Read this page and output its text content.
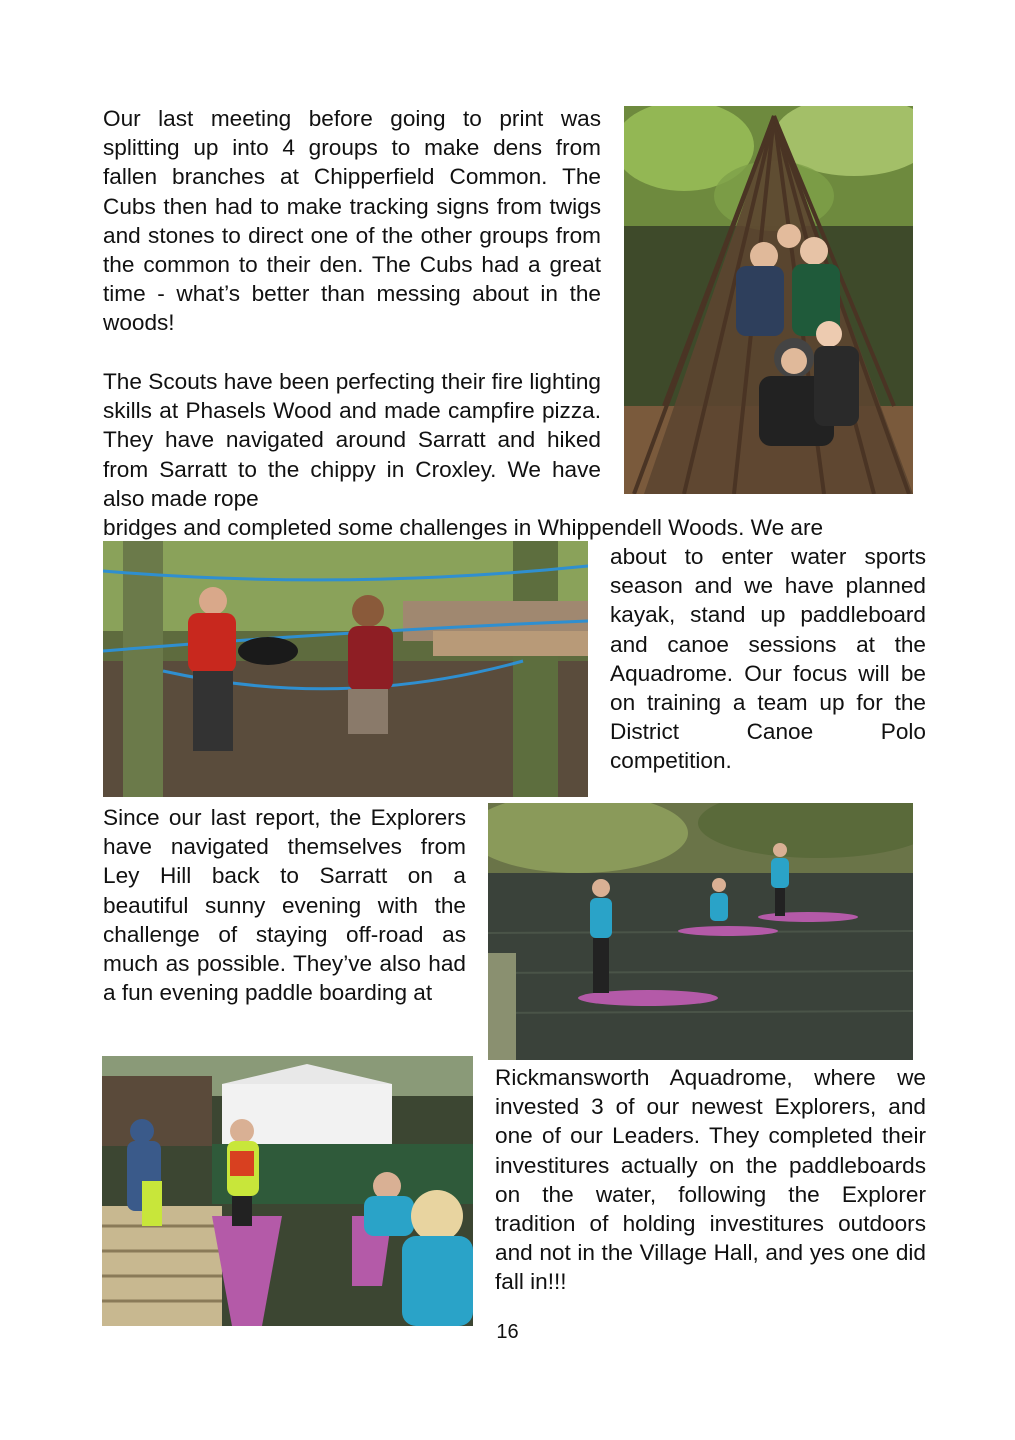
Our last meeting before going to print was splitting up into 4 groups to make dens from fallen branches at Chipperfield Common. The Cubs then had to make tracking signs from twigs and stones to direct one of the other groups from the common to their den. The Cubs had a great time - what’s better than messing about in the woods!

The Scouts have been perfecting their fire lighting skills at Phasels Wood and made campfire pizza. They have navigated around Sarratt and hiked from Sarratt to the chippy in Croxley. We have also made rope

bridges and completed some challenges in Whippendell Woods. We are

about to enter water sports season and we have planned kayak, stand up paddleboard and canoe sessions at the Aquadrome. Our focus will be on training a team up for the District Canoe Polo competition.

Since our last report, the Explorers have navigated themselves from Ley Hill back to Sarratt on a beautiful sunny evening with the challenge of staying off-road as much as possible. They’ve also had a fun evening paddle boarding at

Rickmansworth Aquadrome, where we invested 3 of our newest Explorers, and one of our Leaders. They completed their investitures actually on the paddleboards on the water, following the Explorer tradition of holding investitures outdoors and not in the Village Hall, and yes one did fall in!!!

16
